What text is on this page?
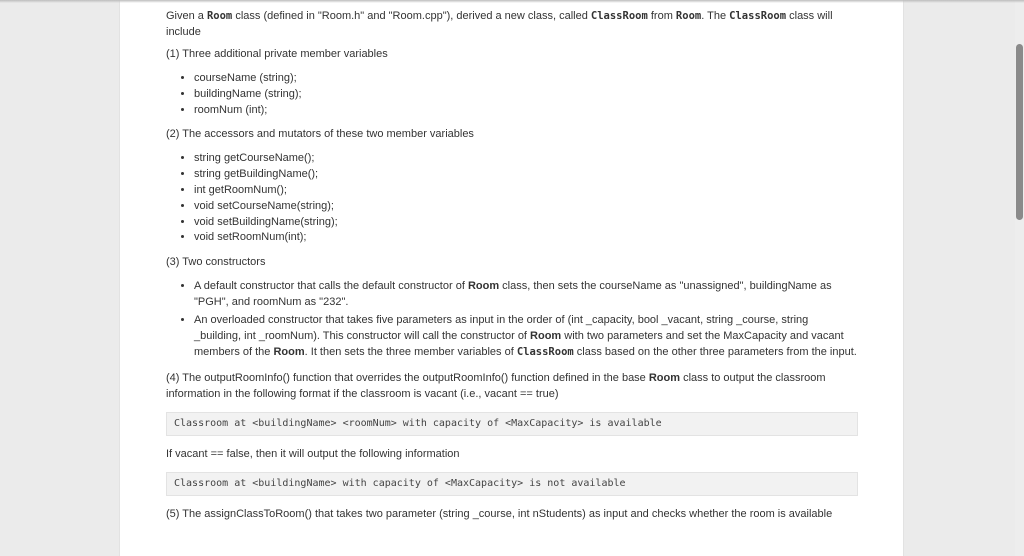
Given a Room class (defined in "Room.h" and "Room.cpp"), derived a new class, called ClassRoom from Room. The ClassRoom class will include

(1) Three additional private member variables

• courseName (string);
• buildingName (string);
• roomNum (int);

(2) The accessors and mutators of these two member variables

• string getCourseName();
• string getBuildingName();
• int getRoomNum();
• void setCourseName(string);
• void setBuildingName(string);
• void setRoomNum(int);

(3) Two constructors

• A default constructor that calls the default constructor of Room class, then sets the courseName as "unassigned", buildingName as "PGH", and roomNum as "232".
• An overloaded constructor that takes five parameters as input in the order of (int _capacity, bool _vacant, string _course, string _building, int _roomNum). This constructor will call the constructor of Room with two parameters and set the MaxCapacity and vacant members of the Room. It then sets the three member variables of ClassRoom class based on the other three parameters from the input.

(4) The outputRoomInfo() function that overrides the outputRoomInfo() function defined in the base Room class to output the classroom information in the following format if the classroom is vacant (i.e., vacant == true)

Classroom at <buildingName> <roomNum> with capacity of <MaxCapacity> is available

If vacant == false, then it will output the following information

Classroom at <buildingName> with capacity of <MaxCapacity> is not available

(5) The assignClassToRoom() that takes two parameter (string _course, int nStudents) as input and checks whether the room is available
